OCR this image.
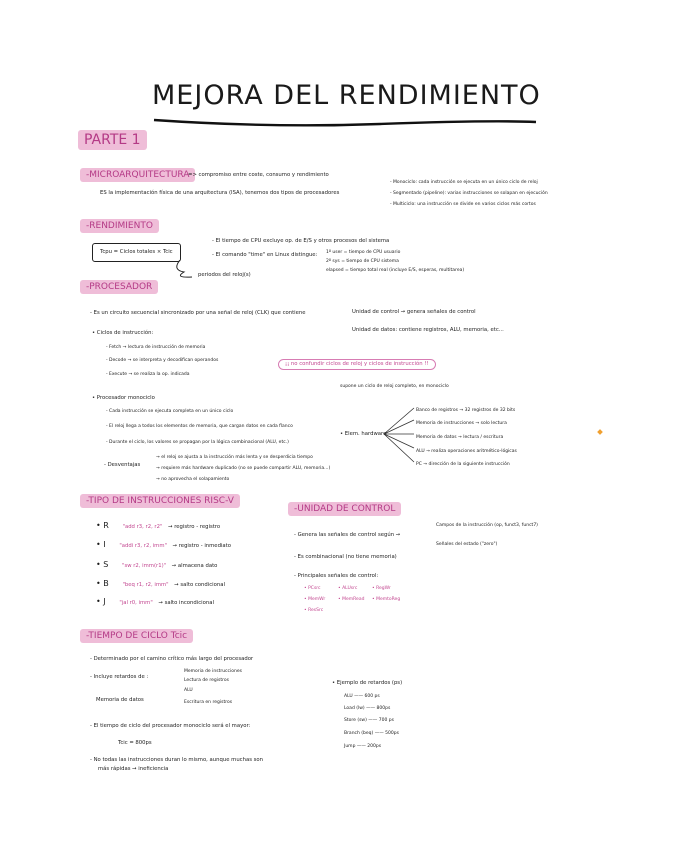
MEJORA DEL RENDIMIENTO
PARTE 1
-MICROARQUITECTURA
=> compromiso entre coste, consumo y rendimiento
ES la implementación física de una arquitectura (ISA), tenemos dos tipos de procesadores
- Monociclo: cada instrucción se ejecuta en un único ciclo de reloj
- Segmentado (pipeline): varias instrucciones se solapan en ejecución
- Multiciclo: una instrucción se divide en varios ciclos más cortos
-RENDIMIENTO
Tcpu = Ciclos totales × Tcic
periodos del reloj(s)
- El tiempo de CPU excluye op. de E/S y otros procesos del sistema
- El comando "time" en Linux distingue: 1º user = tiempo de CPU usuario
2º sys = tiempo de CPU sistema
elapsed = tiempo total real (incluye E/S, esperas, multitarea)
-PROCESADOR
- Es un circuito secuencial sincronizado por una señal de reloj (CLK) que contiene	Unidad de control → genera señales de control
Unidad de datos: contiene registros, ALU, memoria, etc...
• Ciclos de instrucción:
- Fetch → lectura de instrucción de memoria
- Decode → se interpreta y decodifican operandos
- Execute → se realiza la op. indicada
¡¡ no confundir ciclos de reloj y ciclos de instrucción !!
supone un ciclo de reloj completo, en monociclo
• Procesador monociclo
- Cada instrucción se ejecuta completa en un único ciclo
- El reloj llega a todos los elementos de memoria, que cargan datos en cada flanco
- Durante el ciclo, los valores se propagan por la lógica combinacional (ALU, etc.)
- Desventajas
→ el reloj se ajusta a la instrucción más lenta y se desperdicia tiempo
→ requiere más hardware duplicado (no se puede compartir ALU, memoria...)
→ no aprovecha el solapamiento
• Elem. hardware
Banco de registros → 32 registros de 32 bits
Memoria de instrucciones → solo lectura
Memoria de datos → lectura / escritura
ALU → realiza operaciones aritmético-lógicas
PC → dirección de la siguiente instrucción
-TIPO DE INSTRUCCIONES RISC-V
• R	"add r3, r2, r2" → registro - registro
• I	"addi r3, r2, imm" → registro - inmediato
• S	"sw r2, imm(r1)" → almacena dato
• B	"beq r1, r2, imm" → salto condicional
• J	"jal r0, imm" → salto incondicional
-UNIDAD DE CONTROL
- Genera las señales de control según →
Campos de la instrucción (op, funct3, funct7)
Señales del estado ("zero")
- Es combinacional (no tiene memoria)
- Principales señales de control:
• PCsrc	• ALUsrc	• RegWr
• MemWr	• MemRead • MemtoReg
• ResSrc
-TIEMPO DE CICLO Tcic
- Determinado por el camino crítico más largo del procesador
- Incluye retardos de :
Memoria de instrucciones
Lectura de registros
ALU
Escritura en registros
Memoria de datos
- El tiempo de ciclo del procesador monociclo será el mayor:
Tcic = 800ps
- No todas las instrucciones duran lo mismo, aunque muchas son
más rápidas → ineficiencia
• Ejemplo de retardos (ps)
ALU —— 600 ps
Load (lw) —— 800ps
Store (sw) —— 700 ps
Branch (beq) —— 500ps
Jump —— 200ps
